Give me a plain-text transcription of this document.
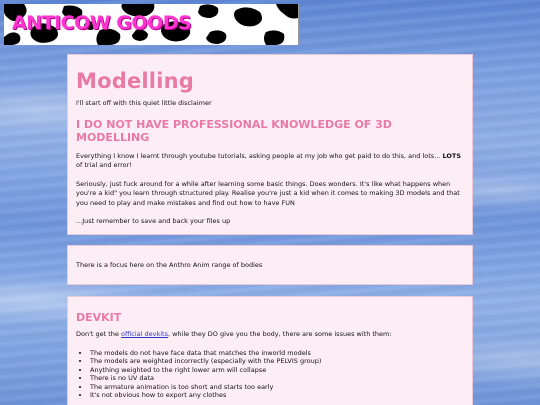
ANTICOW GOODS
Modelling

I'll start off with this quiet little disclaimer

I DO NOT HAVE PROFESSIONAL KNOWLEDGE OF 3D MODELLING

Everything I know I learnt through youtube tutorials, asking people at my job who get paid to do this, and lots... LOTS of trial and error!

Seriously, just fuck around for a while after learning some basic things. Does wonders. It's like what happens when you're a kid" you learn through structured play. Realise you're just a kid when it comes to making 3D models and that you need to play and make mistakes and find out how to have FUN

...Just remember to save and back your files up

There is a focus here on the Anthro Anim range of bodies

DEVKIT

Don't get the official devkits, while they DO give you the body, there are some issues with them:

• The models do not have face data that matches the inworld models
• The models are weighted incorrectly (especially with the PELVIS group)
• Anything weighted to the right lower arm will collapse
• There is no UV data
• The armature animation is too short and starts too early
• It's not obvious how to export any clothes
